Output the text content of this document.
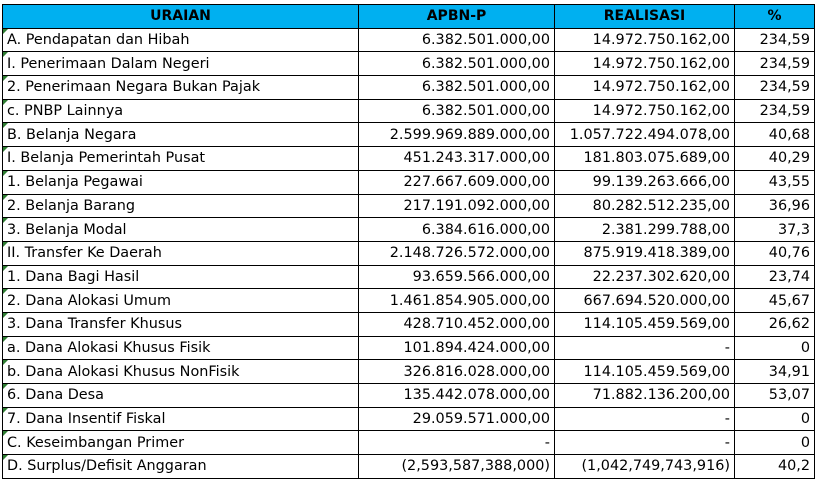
URAIAN	APBN-P	REALISASI	%
A. Pendapatan dan Hibah	6.382.501.000,00	14.972.750.162,00	234,59
I. Penerimaan Dalam Negeri	6.382.501.000,00	14.972.750.162,00	234,59
2. Penerimaan Negara Bukan Pajak	6.382.501.000,00	14.972.750.162,00	234,59
c. PNBP Lainnya	6.382.501.000,00	14.972.750.162,00	234,59
B. Belanja Negara	2.599.969.889.000,00	1.057.722.494.078,00	40,68
I. Belanja Pemerintah Pusat	451.243.317.000,00	181.803.075.689,00	40,29
1. Belanja Pegawai	227.667.609.000,00	99.139.263.666,00	43,55
2. Belanja Barang	217.191.092.000,00	80.282.512.235,00	36,96
3. Belanja Modal	6.384.616.000,00	2.381.299.788,00	37,3
II. Transfer Ke Daerah	2.148.726.572.000,00	875.919.418.389,00	40,76
1. Dana Bagi Hasil	93.659.566.000,00	22.237.302.620,00	23,74
2. Dana Alokasi Umum	1.461.854.905.000,00	667.694.520.000,00	45,67
3. Dana Transfer Khusus	428.710.452.000,00	114.105.459.569,00	26,62
a. Dana Alokasi Khusus Fisik	101.894.424.000,00	-	0
b. Dana Alokasi Khusus NonFisik	326.816.028.000,00	114.105.459.569,00	34,91
6. Dana Desa	135.442.078.000,00	71.882.136.200,00	53,07
7. Dana Insentif Fiskal	29.059.571.000,00	-	0
C. Keseimbangan Primer	-	-	0
D. Surplus/Defisit Anggaran	(2,593,587,388,000)	(1,042,749,743,916)	40,2
